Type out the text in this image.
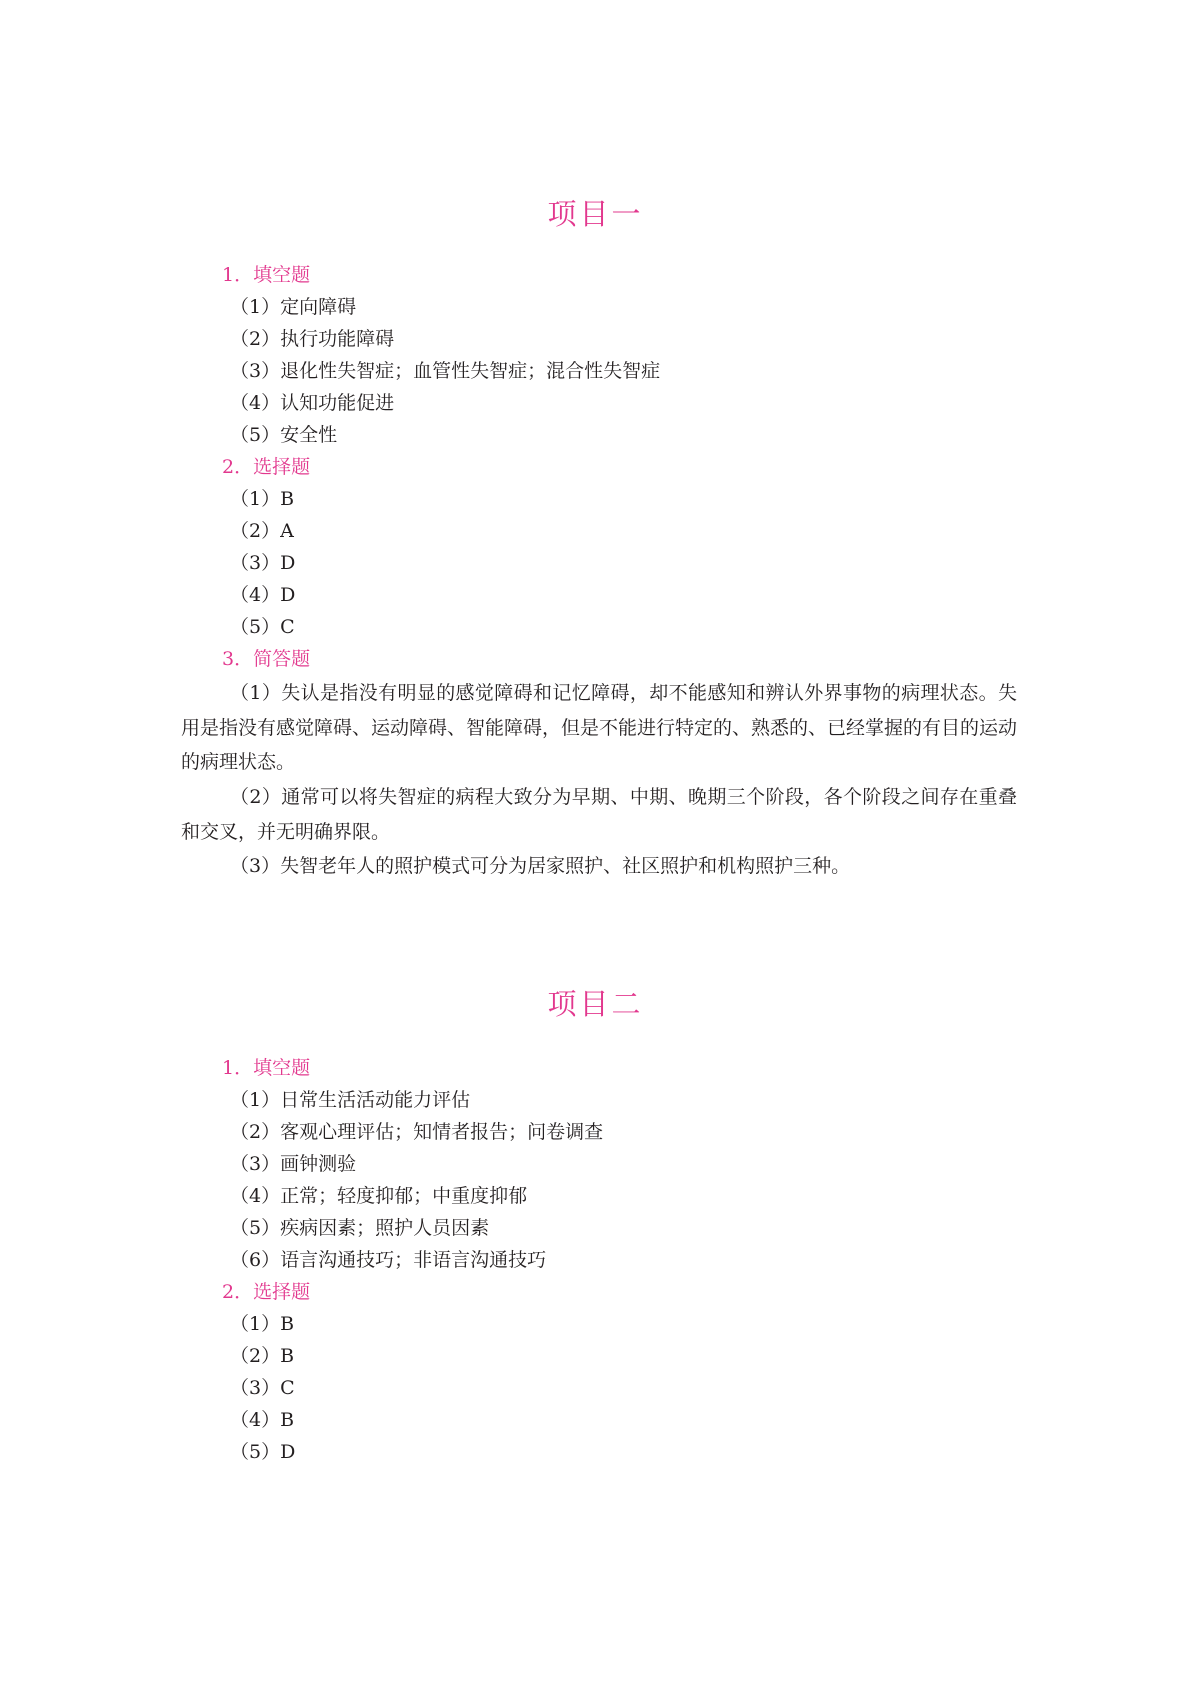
项目一
1．填空题
（1）定向障碍
（2）执行功能障碍
（3）退化性失智症；血管性失智症；混合性失智症
（4）认知功能促进
（5）安全性
2．选择题
（1）B
（2）A
（3）D
（4）D
（5）C
3．简答题
（1）失认是指没有明显的感觉障碍和记忆障碍，却不能感知和辨认外界事物的病理状态。失用是指没有感觉障碍、运动障碍、智能障碍，但是不能进行特定的、熟悉的、已经掌握的有目的运动的病理状态。
（2）通常可以将失智症的病程大致分为早期、中期、晚期三个阶段，各个阶段之间存在重叠和交叉，并无明确界限。
（3）失智老年人的照护模式可分为居家照护、社区照护和机构照护三种。
项目二
1．填空题
（1）日常生活活动能力评估
（2）客观心理评估；知情者报告；问卷调查
（3）画钟测验
（4）正常；轻度抑郁；中重度抑郁
（5）疾病因素；照护人员因素
（6）语言沟通技巧；非语言沟通技巧
2．选择题
（1）B
（2）B
（3）C
（4）B
（5）D
